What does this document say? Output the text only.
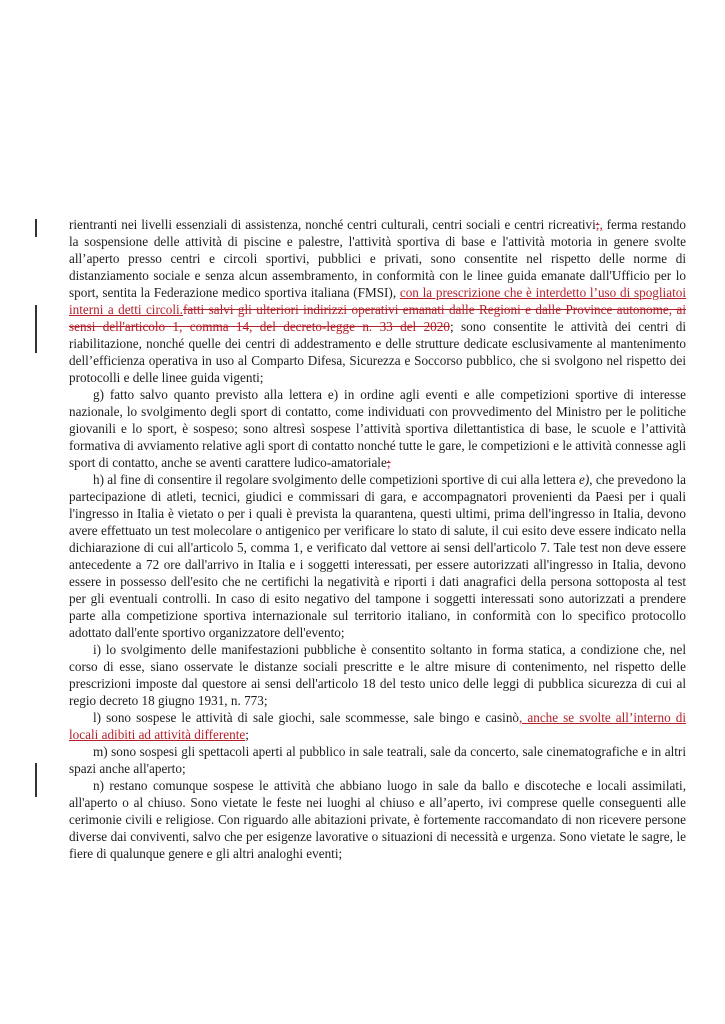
rientranti nei livelli essenziali di assistenza, nonché centri culturali, centri sociali e centri ricreativi;, ferma restando la sospensione delle attività di piscine e palestre, l'attività sportiva di base e l'attività motoria in genere svolte all’aperto presso centri e circoli sportivi, pubblici e privati, sono consentite nel rispetto delle norme di distanziamento sociale e senza alcun assembramento, in conformità con le linee guida emanate dall'Ufficio per lo sport, sentita la Federazione medico sportiva italiana (FMSI), con la prescrizione che è interdetto l’uso di spogliatoi interni a detti circoli.fatti salvi gli ulteriori indirizzi operativi emanati dalle Regioni e dalle Province autonome, ai sensi dell'articolo 1, comma 14, del decreto-legge n. 33 del 2020; sono consentite le attività dei centri di riabilitazione, nonché quelle dei centri di addestramento e delle strutture dedicate esclusivamente al mantenimento dell’efficienza operativa in uso al Comparto Difesa, Sicurezza e Soccorso pubblico, che si svolgono nel rispetto dei protocolli e delle linee guida vigenti;

g) fatto salvo quanto previsto alla lettera e) in ordine agli eventi e alle competizioni sportive di interesse nazionale, lo svolgimento degli sport di contatto, come individuati con provvedimento del Ministro per le politiche giovanili e lo sport, è sospeso; sono altresì sospese l’attività sportiva dilettantistica di base, le scuole e l’attività formativa di avviamento relative agli sport di contatto nonché tutte le gare, le competizioni e le attività connesse agli sport di contatto, anche se aventi carattere ludico-amatoriale;

h) al fine di consentire il regolare svolgimento delle competizioni sportive di cui alla lettera e), che prevedono la partecipazione di atleti, tecnici, giudici e commissari di gara, e accompagnatori provenienti da Paesi per i quali l'ingresso in Italia è vietato o per i quali è prevista la quarantena, questi ultimi, prima dell'ingresso in Italia, devono avere effettuato un test molecolare o antigenico per verificare lo stato di salute, il cui esito deve essere indicato nella dichiarazione di cui all'articolo 5, comma 1, e verificato dal vettore ai sensi dell'articolo 7. Tale test non deve essere antecedente a 72 ore dall'arrivo in Italia e i soggetti interessati, per essere autorizzati all'ingresso in Italia, devono essere in possesso dell'esito che ne certifichi la negatività e riporti i dati anagrafici della persona sottoposta al test per gli eventuali controlli. In caso di esito negativo del tampone i soggetti interessati sono autorizzati a prendere parte alla competizione sportiva internazionale sul territorio italiano, in conformità con lo specifico protocollo adottato dall'ente sportivo organizzatore dell'evento;

i) lo svolgimento delle manifestazioni pubbliche è consentito soltanto in forma statica, a condizione che, nel corso di esse, siano osservate le distanze sociali prescritte e le altre misure di contenimento, nel rispetto delle prescrizioni imposte dal questore ai sensi dell'articolo 18 del testo unico delle leggi di pubblica sicurezza di cui al regio decreto 18 giugno 1931, n. 773;

l) sono sospese le attività di sale giochi, sale scommesse, sale bingo e casinò, anche se svolte all’interno di locali adibiti ad attività differente;

m) sono sospesi gli spettacoli aperti al pubblico in sale teatrali, sale da concerto, sale cinematografiche e in altri spazi anche all'aperto;

n) restano comunque sospese le attività che abbiano luogo in sale da ballo e discoteche e locali assimilati, all'aperto o al chiuso. Sono vietate le feste nei luoghi al chiuso e all’aperto, ivi comprese quelle conseguenti alle cerimonie civili e religiose. Con riguardo alle abitazioni private, è fortemente raccomandato di non ricevere persone diverse dai conviventi, salvo che per esigenze lavorative o situazioni di necessità e urgenza. Sono vietate le sagre, le fiere di qualunque genere e gli altri analoghi eventi;
